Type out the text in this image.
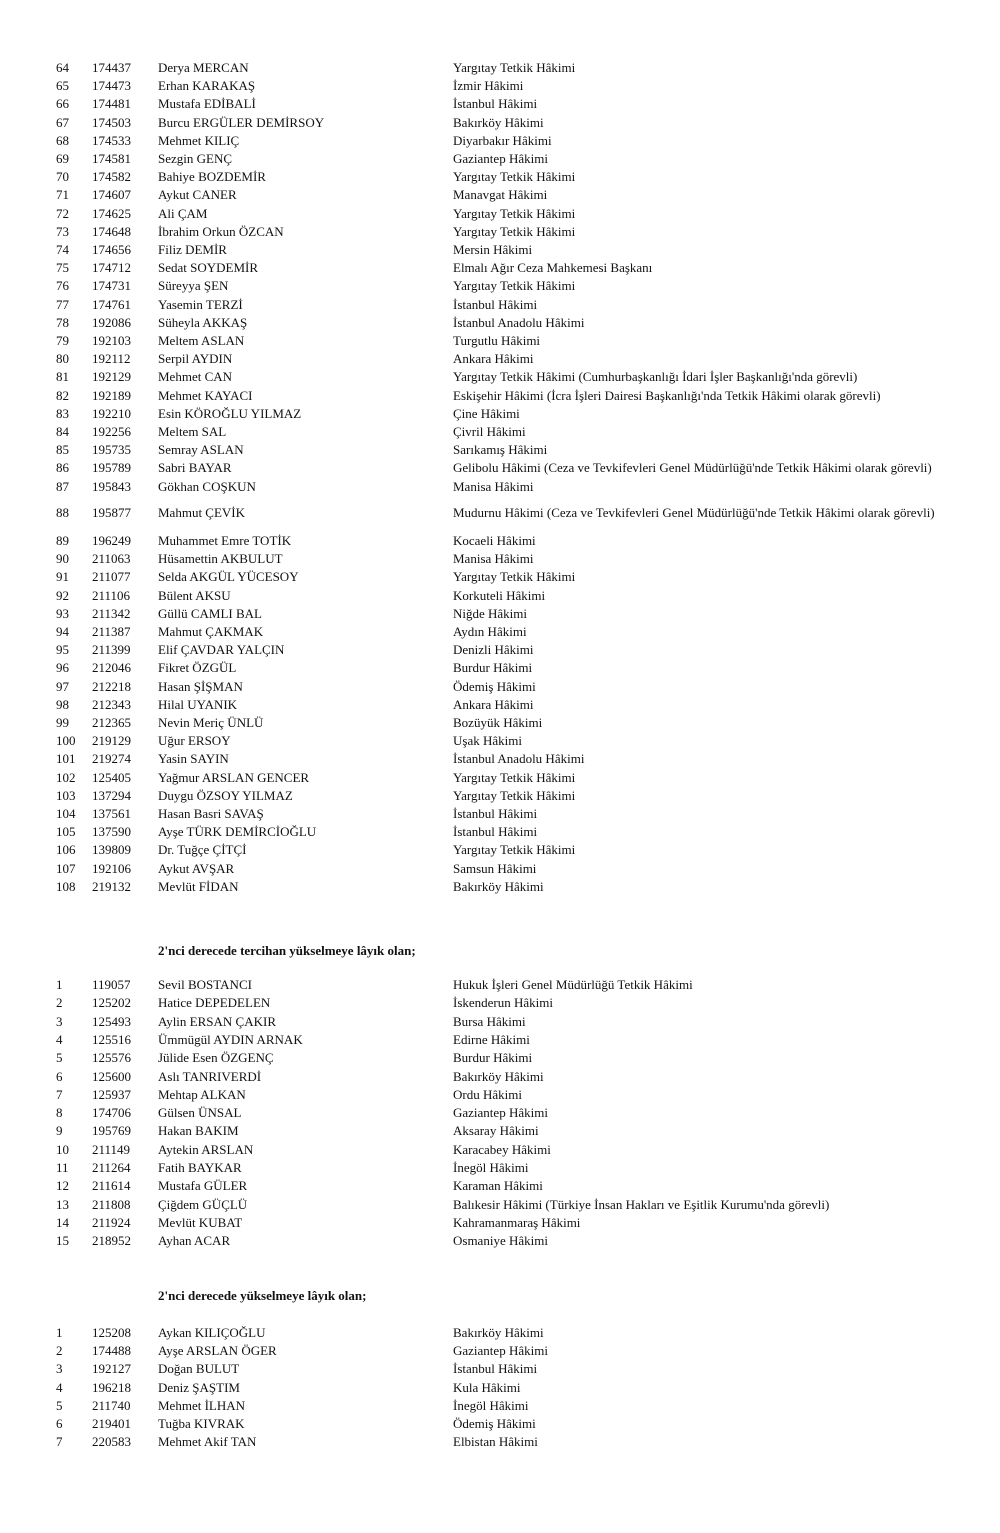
64 174437 Derya MERCAN	Yargıtay Tetkik Hâkimi
65 174473 Erhan KARAKAŞ	İzmir Hâkimi
66 174481 Mustafa EDİBALİ	İstanbul Hâkimi
67 174503 Burcu ERGÜLER DEMİRSOY	Bakırköy Hâkimi
68 174533 Mehmet KILIÇ	Diyarbakır Hâkimi
69 174581 Sezgin GENÇ	Gaziantep Hâkimi
70 174582 Bahiye BOZDEMİR	Yargıtay Tetkik Hâkimi
71 174607 Aykut CANER	Manavgat Hâkimi
72 174625 Ali ÇAM	Yargıtay Tetkik Hâkimi
73 174648 İbrahim Orkun ÖZCAN	Yargıtay Tetkik Hâkimi
74 174656 Filiz DEMİR	Mersin Hâkimi
75 174712 Sedat SOYDEMİR	Elmalı Ağır Ceza Mahkemesi Başkanı
76 174731 Süreyya ŞEN	Yargıtay Tetkik Hâkimi
77 174761 Yasemin TERZİ	İstanbul Hâkimi
78 192086 Süheyla AKKAŞ	İstanbul Anadolu Hâkimi
79 192103 Meltem ASLAN	Turgutlu Hâkimi
80 192112 Serpil AYDIN	Ankara Hâkimi
81 192129 Mehmet CAN	Yargıtay Tetkik Hâkimi (Cumhurbaşkanlığı İdari İşler Başkanlığı'nda görevli)
82 192189 Mehmet KAYACI	Eskişehir Hâkimi (İcra İşleri Dairesi Başkanlığı'nda Tetkik Hâkimi olarak görevli)
83 192210 Esin KÖROĞLU YILMAZ	Çine Hâkimi
84 192256 Meltem SAL	Çivril Hâkimi
85 195735 Semray ASLAN	Sarıkamış Hâkimi
86 195789 Sabri BAYAR	Gelibolu Hâkimi (Ceza ve Tevkifevleri Genel Müdürlüğü'nde Tetkik Hâkimi olarak görevli)
87 195843 Gökhan COŞKUN	Manisa Hâkimi
88 195877 Mahmut ÇEVİK	Mudurnu Hâkimi (Ceza ve Tevkifevleri Genel Müdürlüğü'nde Tetkik Hâkimi olarak görevli)
89 196249 Muhammet Emre TOTİK	Kocaeli Hâkimi
90 211063 Hüsamettin AKBULUT	Manisa Hâkimi
91 211077 Selda AKGÜL YÜCESOY	Yargıtay Tetkik Hâkimi
92 211106 Bülent AKSU	Korkuteli Hâkimi
93 211342 Güllü CAMLI BAL	Niğde Hâkimi
94 211387 Mahmut ÇAKMAK	Aydın Hâkimi
95 211399 Elif ÇAVDAR YALÇIN	Denizli Hâkimi
96 212046 Fikret ÖZGÜL	Burdur Hâkimi
97 212218 Hasan ŞİŞMAN	Ödemiş Hâkimi
98 212343 Hilal UYANIK	Ankara Hâkimi
99 212365 Nevin Meriç ÜNLÜ	Bozüyük Hâkimi
100 219129 Uğur ERSOY	Uşak Hâkimi
101 219274 Yasin SAYIN	İstanbul Anadolu Hâkimi
102 125405 Yağmur ARSLAN GENCER	Yargıtay Tetkik Hâkimi
103 137294 Duygu ÖZSOY YILMAZ	Yargıtay Tetkik Hâkimi
104 137561 Hasan Basri SAVAŞ	İstanbul Hâkimi
105 137590 Ayşe TÜRK DEMİRCİOĞLU	İstanbul Hâkimi
106 139809 Dr. Tuğçe ÇİTÇİ	Yargıtay Tetkik Hâkimi
107 192106 Aykut AVŞAR	Samsun Hâkimi
108 219132 Mevlüt FİDAN	Bakırköy Hâkimi
2'nci derecede tercihan yükselmeye lâyık olan;
1 119057 Sevil BOSTANCI	Hukuk İşleri Genel Müdürlüğü Tetkik Hâkimi
2 125202 Hatice DEPEDELEN	İskenderun Hâkimi
3 125493 Aylin ERSAN ÇAKIR	Bursa Hâkimi
4 125516 Ümmügül AYDIN ARNAK	Edirne Hâkimi
5 125576 Jülide Esen ÖZGENÇ	Burdur Hâkimi
6 125600 Aslı TANRIVERDİ	Bakırköy Hâkimi
7 125937 Mehtap ALKAN	Ordu Hâkimi
8 174706 Gülsen ÜNSAL	Gaziantep Hâkimi
9 195769 Hakan BAKIM	Aksaray Hâkimi
10 211149 Aytekin ARSLAN	Karacabey Hâkimi
11 211264 Fatih BAYKAR	İnegöl Hâkimi
12 211614 Mustafa GÜLER	Karaman Hâkimi
13 211808 Çiğdem GÜÇLÜ	Balıkesir Hâkimi (Türkiye İnsan Hakları ve Eşitlik Kurumu'nda görevli)
14 211924 Mevlüt KUBAT	Kahramanmaraş Hâkimi
15 218952 Ayhan ACAR	Osmaniye Hâkimi
2'nci derecede yükselmeye lâyık olan;
1 125208 Aykan KILIÇOĞLU	Bakırköy Hâkimi
2 174488 Ayşe ARSLAN ÖGER	Gaziantep Hâkimi
3 192127 Doğan BULUT	İstanbul Hâkimi
4 196218 Deniz ŞAŞTIM	Kula Hâkimi
5 211740 Mehmet İLHAN	İnegöl Hâkimi
6 219401 Tuğba KIVRAK	Ödemiş Hâkimi
7 220583 Mehmet Akif TAN	Elbistan Hâkimi
